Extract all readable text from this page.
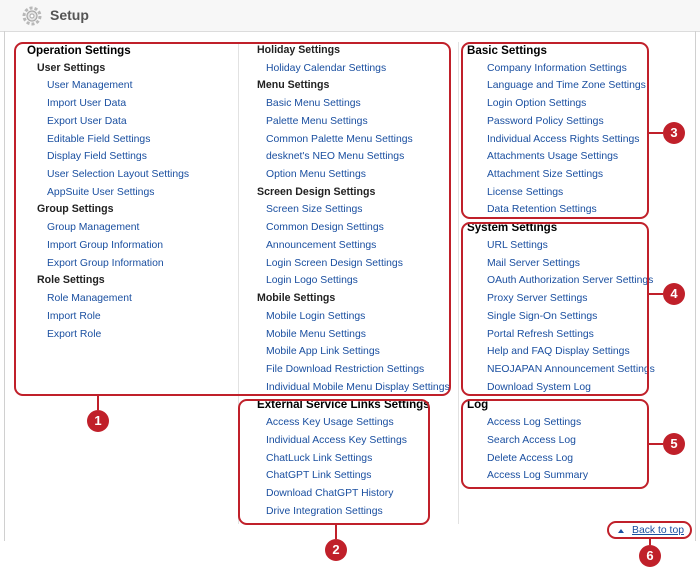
Setup
Operation Settings
User Settings
User Management
Import User Data
Export User Data
Editable Field Settings
Display Field Settings
User Selection Layout Settings
AppSuite User Settings
Group Settings
Group Management
Import Group Information
Export Group Information
Role Settings
Role Management
Import Role
Export Role
Holiday Settings
Holiday Calendar Settings
Menu Settings
Basic Menu Settings
Palette Menu Settings
Common Palette Menu Settings
desknet's NEO Menu Settings
Option Menu Settings
Screen Design Settings
Screen Size Settings
Common Design Settings
Announcement Settings
Login Screen Design Settings
Login Logo Settings
Mobile Settings
Mobile Login Settings
Mobile Menu Settings
Mobile App Link Settings
File Download Restriction Settings
Individual Mobile Menu Display Settings
External Service Links Settings
Access Key Usage Settings
Individual Access Key Settings
ChatLuck Link Settings
ChatGPT Link Settings
Download ChatGPT History
Drive Integration Settings
Basic Settings
Company Information Settings
Language and Time Zone Settings
Login Option Settings
Password Policy Settings
Individual Access Rights Settings
Attachments Usage Settings
Attachment Size Settings
License Settings
Data Retention Settings
System Settings
URL Settings
Mail Server Settings
OAuth Authorization Server Settings
Proxy Server Settings
Single Sign-On Settings
Portal Refresh Settings
Help and FAQ Display Settings
NEOJAPAN Announcement Settings
Download System Log
Log
Access Log Settings
Search Access Log
Delete Access Log
Access Log Summary
1
2
3
4
5
6
Back to top
